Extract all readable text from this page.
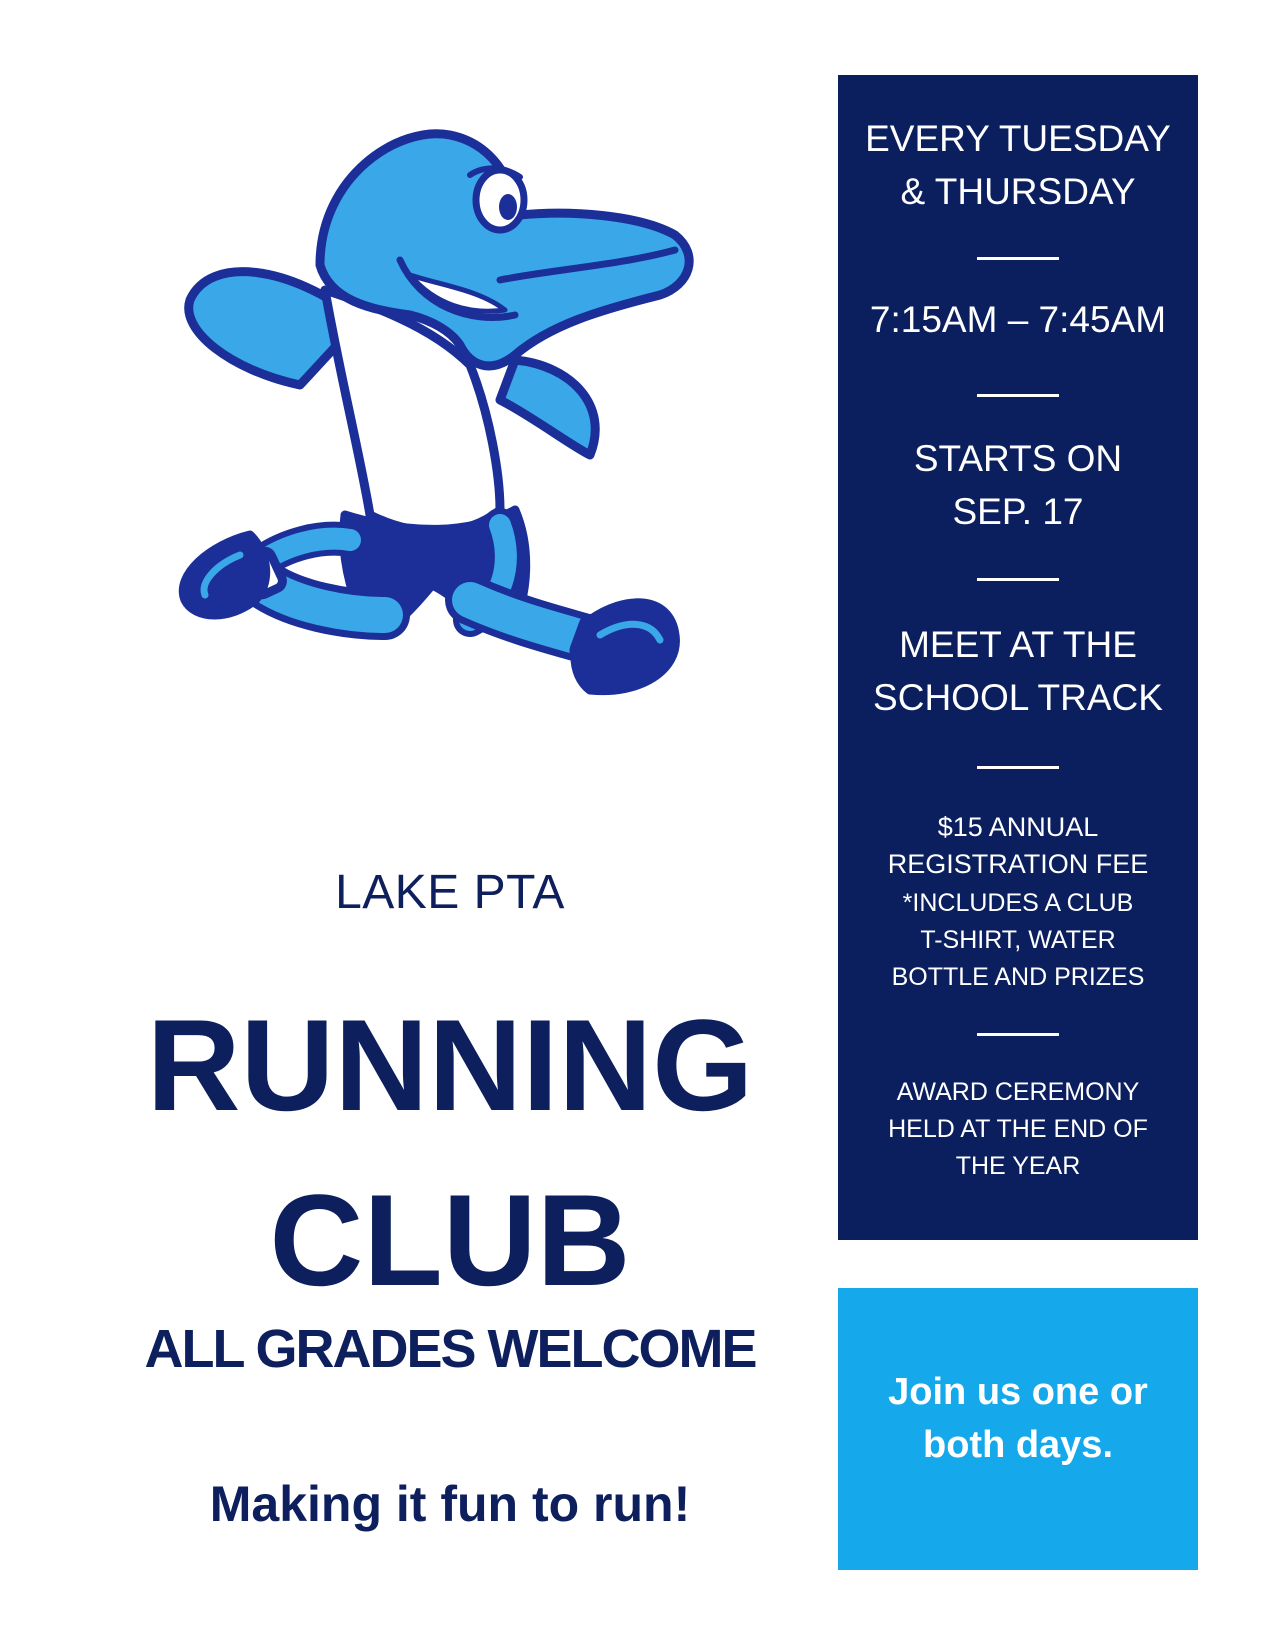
LAKE PTA
RUNNING
CLUB
ALL GRADES WELCOME
Making it fun to run!
EVERY TUESDAY
& THURSDAY
7:15AM – 7:45AM
STARTS ON
SEP. 17
MEET AT THE
SCHOOL TRACK
$15 ANNUAL
REGISTRATION FEE
*INCLUDES A CLUB
T-SHIRT, WATER
BOTTLE AND PRIZES
AWARD CEREMONY
HELD AT THE END OF
THE YEAR
Join us one or
both days.
